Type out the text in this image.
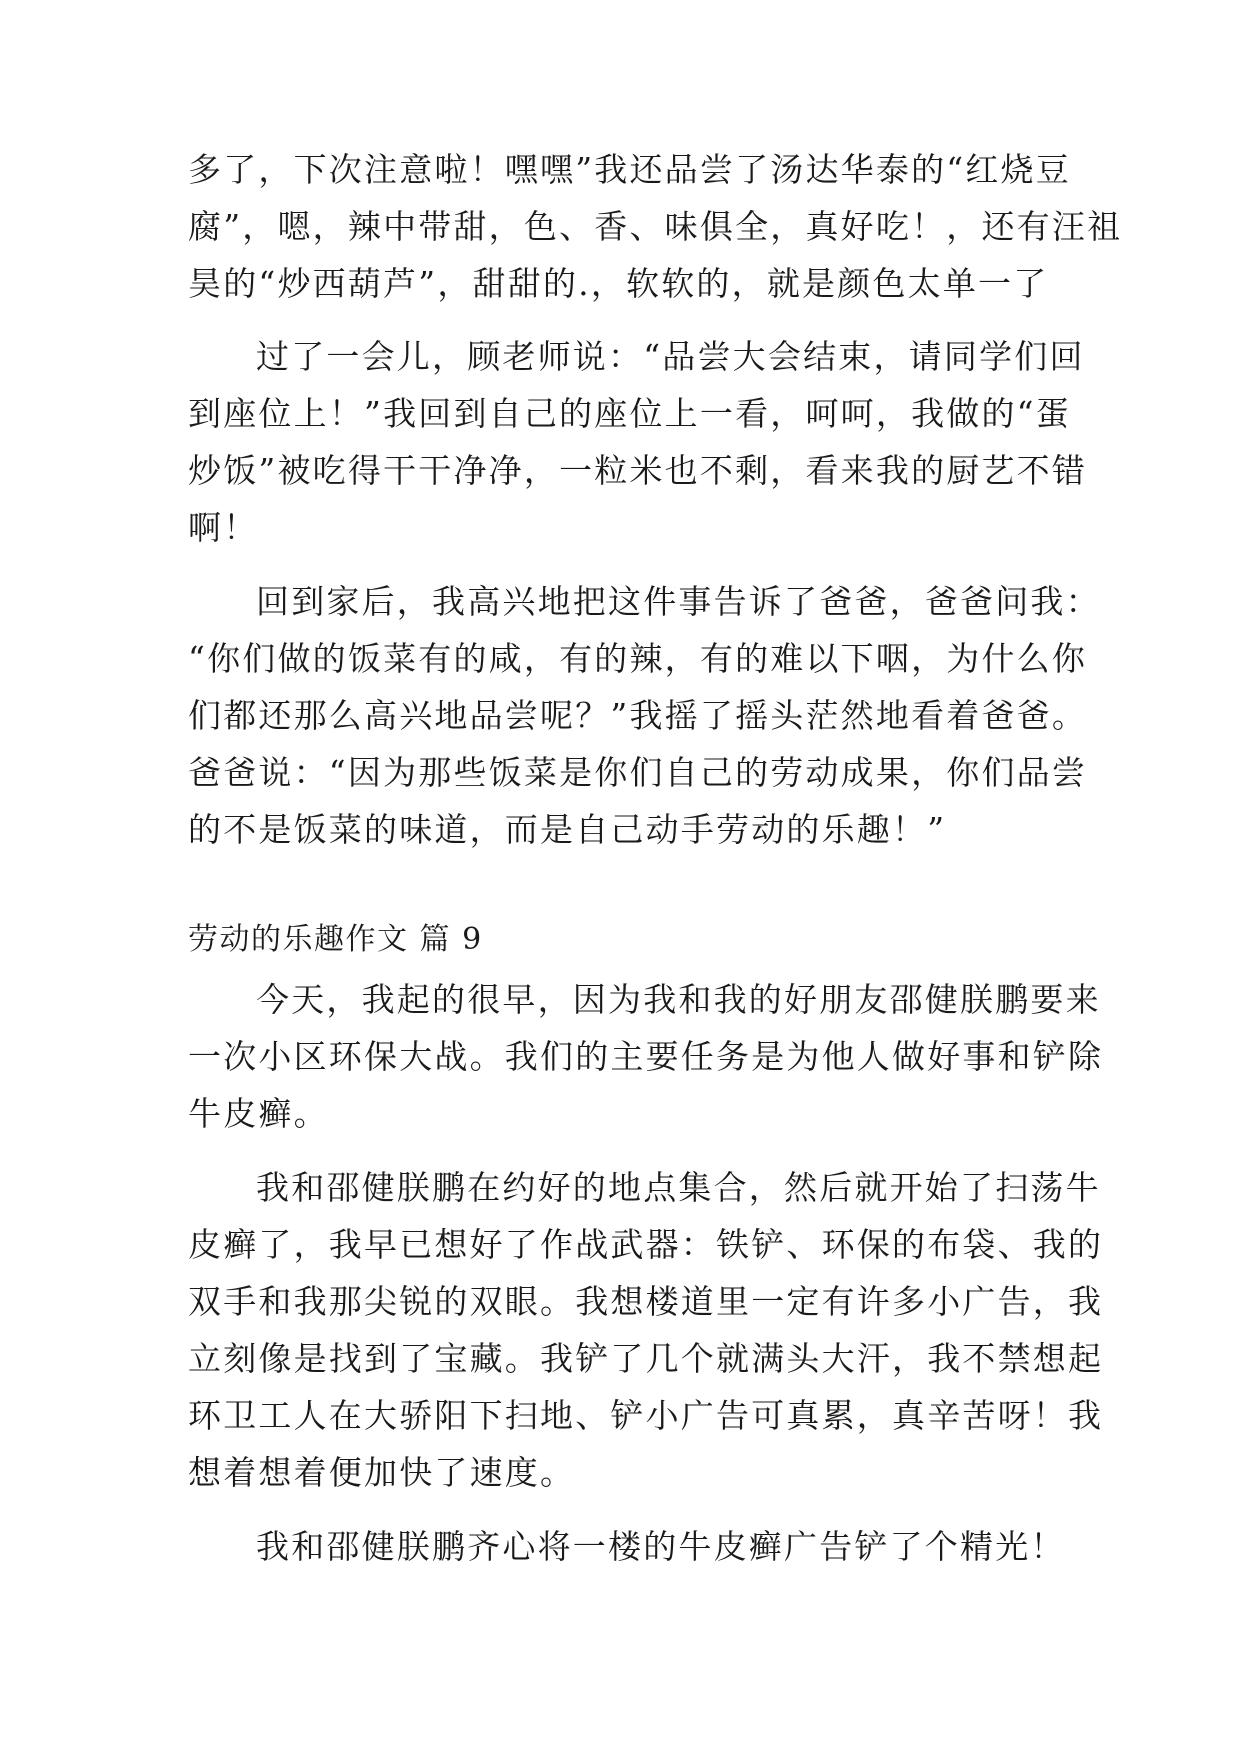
多了，下次注意啦！嘿嘿”我还品尝了汤达华泰的“红烧豆
腐”，嗯，辣中带甜，色、香、味俱全，真好吃！，还有汪祖
昊的“炒西葫芦”，甜甜的.，软软的，就是颜色太单一了
过了一会儿，顾老师说：“品尝大会结束，请同学们回
到座位上！”我回到自己的座位上一看，呵呵，我做的“蛋
炒饭”被吃得干干净净，一粒米也不剩，看来我的厨艺不错
啊！
回到家后，我高兴地把这件事告诉了爸爸，爸爸问我：
“你们做的饭菜有的咸，有的辣，有的难以下咽，为什么你
们都还那么高兴地品尝呢？”我摇了摇头茫然地看着爸爸。
爸爸说：“因为那些饭菜是你们自己的劳动成果，你们品尝
的不是饭菜的味道，而是自己动手劳动的乐趣！”
劳动的乐趣作文 篇 9
今天，我起的很早，因为我和我的好朋友邵健朕鹏要来
一次小区环保大战。我们的主要任务是为他人做好事和铲除
牛皮癣。
我和邵健朕鹏在约好的地点集合，然后就开始了扫荡牛
皮癣了，我早已想好了作战武器：铁铲、环保的布袋、我的
双手和我那尖锐的双眼。我想楼道里一定有许多小广告，我
立刻像是找到了宝藏。我铲了几个就满头大汗，我不禁想起
环卫工人在大骄阳下扫地、铲小广告可真累，真辛苦呀！我
想着想着便加快了速度。
我和邵健朕鹏齐心将一楼的牛皮癣广告铲了个精光！
